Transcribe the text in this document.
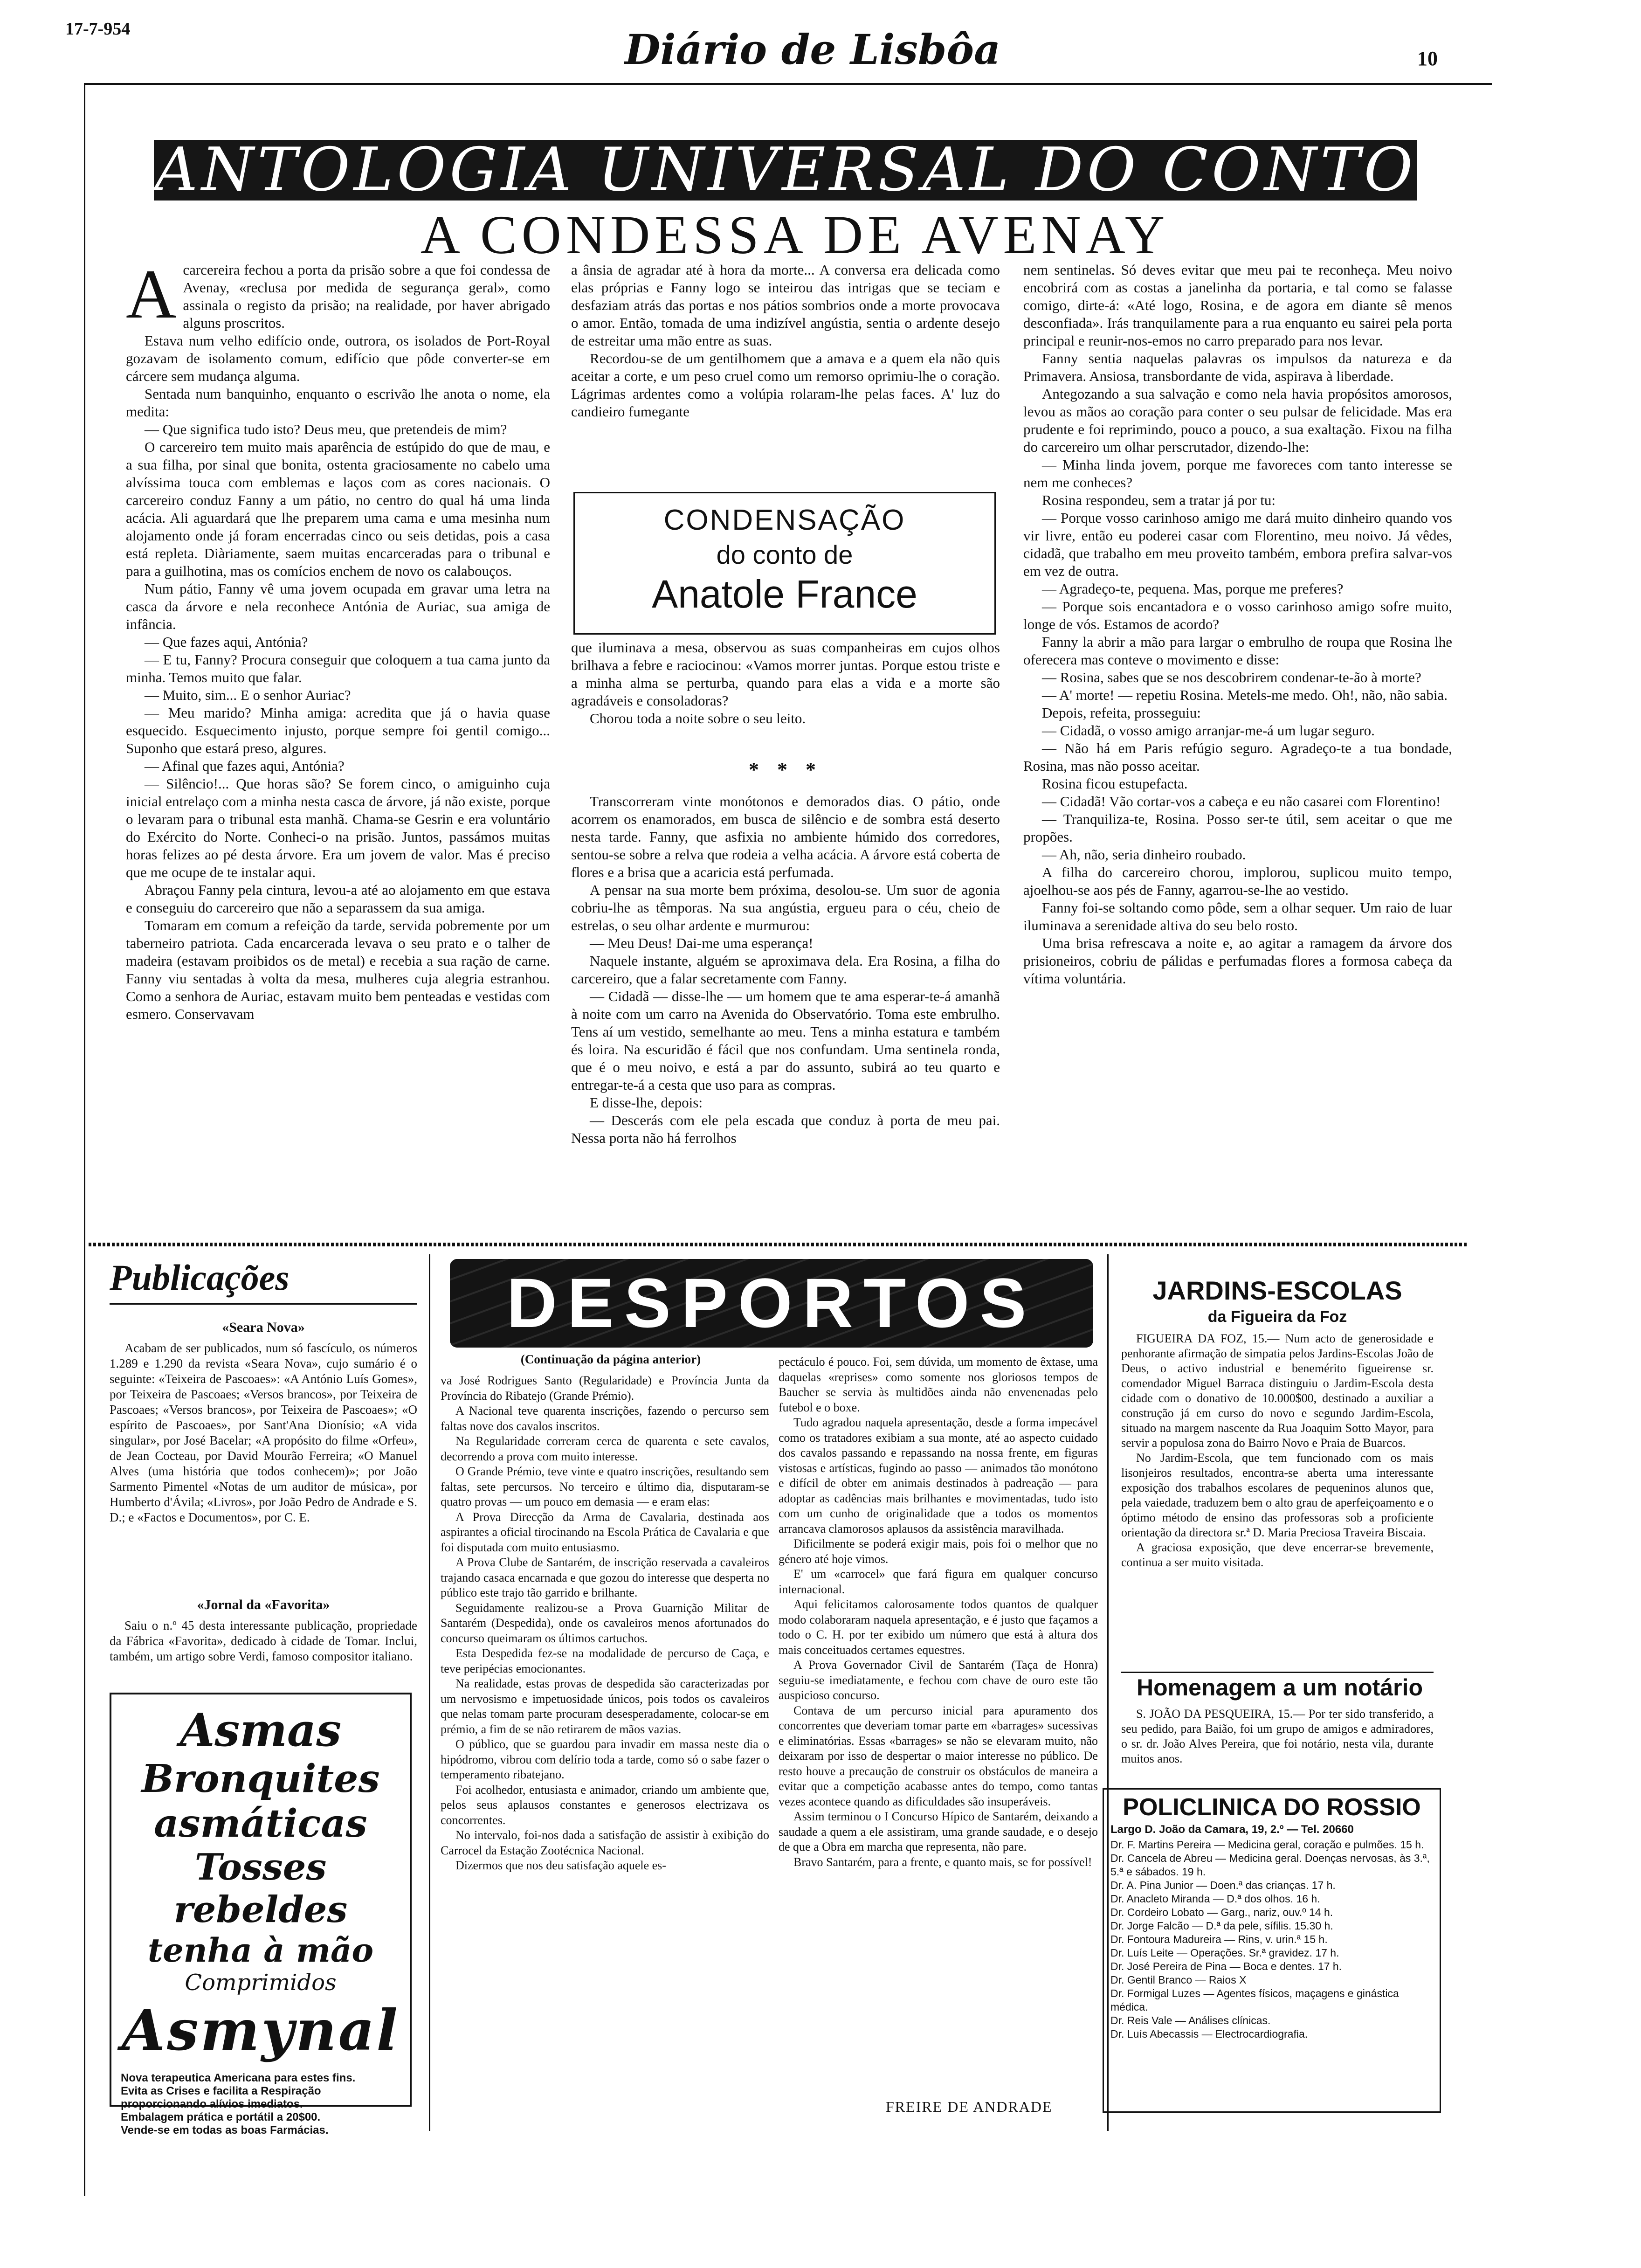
17-7-954	Diário de Lisbôa	10
ANTOLOGIA UNIVERSAL DO CONTO
A CONDESSA DE AVENAY
A carcereira fechou a porta da prisão sobre a que foi condessa de Avenay, «reclusa por medida de segurança geral», como assinala o registo da prisão; na realidade, por haver abrigado alguns proscritos.

Estava num velho edifício onde, outrora, os isolados de Port-Royal gozavam de isolamento comum, edifício que pôde converter-se em cárcere sem mudança alguma.

Sentada num banquinho, enquanto o escrivão lhe anota o nome, ela medita:

— Que significa tudo isto? Deus meu, que pretendeis de mim?

O carcereiro tem muito mais aparência de estúpido do que de mau, e a sua filha, por sinal que bonita, ostenta graciosamente no cabelo uma alvíssima touca com emblemas e laços com as cores nacionais. O carcereiro conduz Fanny a um pátio, no centro do qual há uma linda acácia. Ali aguardará que lhe preparem uma cama e uma mesinha num alojamento onde já foram encerradas cinco ou seis detidas, pois a casa está repleta. Diàriamente, saem muitas encarceradas para o tribunal e para a guilhotina, mas os comícios enchem de novo os calabouços.

Num pátio, Fanny vê uma jovem ocupada em gravar uma letra na casca da árvore e nela reconhece Antónia de Auriac, sua amiga de infância.

— Que fazes aqui, Antónia?

— E tu, Fanny? Procura conseguir que coloquem a tua cama junto da minha. Temos muito que falar.

— Muito, sim... E o senhor Auriac?

— Meu marido? Minha amiga: acredita que já o havia quase esquecido. Esquecimento injusto, porque sempre foi gentil comigo... Suponho que estará preso, algures.

— Afinal que fazes aqui, Antónia?

— Silêncio!... Que horas são? Se forem cinco, o amiguinho cuja inicial entrelaço com a minha nesta casca de árvore, já não existe, porque o levaram para o tribunal esta manhã. Chama-se Gesrin e era voluntário do Exército do Norte. Conheci-o na prisão. Juntos, passámos muitas horas felizes ao pé desta árvore. Era um jovem de valor. Mas é preciso que me ocupe de te instalar aqui.

Abraçou Fanny pela cintura, levou-a até ao alojamento em que estava e conseguiu do carcereiro que não a separassem da sua amiga.

Tomaram em comum a refeição da tarde, servida pobremente por um taberneiro patriota. Cada encarcerada levava o seu prato e o talher de madeira (estavam proibidos os de metal) e recebia a sua ração de carne. Fanny viu sentadas à volta da mesa, mulheres cuja alegria estranhou. Como a senhora de Auriac, estavam muito bem penteadas e vestidas com esmero. Conservavam

a ânsia de agradar até à hora da morte... A conversa era delicada como elas próprias e Fanny logo se inteirou das intrigas que se teciam e desfaziam atrás das portas e nos pátios sombrios onde a morte provocava o amor. Então, tomada de uma indizível angústia, sentia o ardente desejo de estreitar uma mão entre as suas.

Recordou-se de um gentilhomem que a amava e a quem ela não quis aceitar a corte, e um peso cruel como um remorso oprimiu-lhe o coração. Lágrimas ardentes como a volúpia rolaram-lhe pelas faces. A' luz do candieiro fumegante

CONDENSAÇÃO
do conto de
Anatole France

que iluminava a mesa, observou as suas companheiras em cujos olhos brilhava a febre e raciocinou: «Vamos morrer juntas. Porque estou triste e a minha alma se perturba, quando para elas a vida e a morte são agradáveis e consoladoras?

Chorou toda a noite sobre o seu leito.

* * *

Transcorreram vinte monótonos e demorados dias. O pátio, onde acorrem os enamorados, em busca de silêncio e de sombra está deserto nesta tarde. Fanny, que asfixia no ambiente húmido dos corredores, sentou-se sobre a relva que rodeia a velha acácia. A árvore está coberta de flores e a brisa que a acaricia está perfumada.

A pensar na sua morte bem próxima, desolou-se. Um suor de agonia cobriu-lhe as têmporas. Na sua angústia, ergueu para o céu, cheio de estrelas, o seu olhar ardente e murmurou:

— Meu Deus! Dai-me uma esperança!

Naquele instante, alguém se aproximava dela. Era Rosina, a filha do carcereiro, que a falar secretamente com Fanny.

— Cidadã — disse-lhe — um homem que te ama esperar-te-á amanhã à noite com um carro na Avenida do Observatório. Toma este embrulho. Tens aí um vestido, semelhante ao meu. Tens a minha estatura e também és loira. Na escuridão é fácil que nos confundam. Uma sentinela ronda, que é o meu noivo, e está a par do assunto, subirá ao teu quarto e entregar-te-á a cesta que uso para as compras.

E disse-lhe, depois:

— Descerás com ele pela escada que conduz à porta de meu pai. Nessa porta não há ferrolhos

nem sentinelas. Só deves evitar que meu pai te reconheça. Meu noivo encobrirá com as costas a janelinha da portaria, e tal como se falasse comigo, dirte-á: «Até logo, Rosina, e de agora em diante sê menos desconfiada». Irás tranquilamente para a rua enquanto eu sairei pela porta principal e reunir-nos-emos no carro preparado para nos levar.

Fanny sentia naquelas palavras os impulsos da natureza e da Primavera. Ansiosa, transbordante de vida, aspirava à liberdade.

Antegozando a sua salvação e como nela havia propósitos amorosos, levou as mãos ao coração para conter o seu pulsar de felicidade. Mas era prudente e foi reprimindo, pouco a pouco, a sua exaltação. Fixou na filha do carcereiro um olhar perscrutador, dizendo-lhe:

— Minha linda jovem, porque me favoreces com tanto interesse se nem me conheces?

Rosina respondeu, sem a tratar já por tu:

— Porque vosso carinhoso amigo me dará muito dinheiro quando vos vir livre, então eu poderei casar com Florentino, meu noivo. Já vêdes, cidadã, que trabalho em meu proveito também, embora prefira salvar-vos em vez de outra.

— Agradeço-te, pequena. Mas, porque me preferes?

— Porque sois encantadora e o vosso carinhoso amigo sofre muito, longe de vós. Estamos de acordo?

Fanny la abrir a mão para largar o embrulho de roupa que Rosina lhe oferecera mas conteve o movimento e disse:

— Rosina, sabes que se nos descobrirem condenar-te-ão à morte?

— A' morte! — repetiu Rosina. Metels-me medo. Oh!, não, não sabia.

Depois, refeita, prosseguiu:

— Cidadã, o vosso amigo arranjar-me-á um lugar seguro.

— Não há em Paris refúgio seguro. Agradeço-te a tua bondade, Rosina, mas não posso aceitar.

Rosina ficou estupefacta.

— Cidadã! Vão cortar-vos a cabeça e eu não casarei com Florentino!

— Tranquiliza-te, Rosina. Posso ser-te útil, sem aceitar o que me propões.

— Ah, não, seria dinheiro roubado.

A filha do carcereiro chorou, implorou, suplicou muito tempo, ajoelhou-se aos pés de Fanny, agarrou-se-lhe ao vestido.

Fanny foi-se soltando como pôde, sem a olhar sequer. Um raio de luar iluminava a serenidade altiva do seu belo rosto.

Uma brisa refrescava a noite e, ao agitar a ramagem da árvore dos prisioneiros, cobriu de pálidas e perfumadas flores a formosa cabeça da vítima voluntária.

Publicações
«Seara Nova»

Acabam de ser publicados, num só fascículo, os números 1.289 e 1.290 da revista «Seara Nova», cujo sumário é o seguinte: «Teixeira de Pascoaes»: «A António Luís Gomes», por Teixeira de Pascoaes; «Versos brancos», por Teixeira de Pascoaes; «Versos brancos», por Teixeira de Pascoaes»; «O espírito de Pascoaes», por Sant'Ana Dionísio; «A vida singular», por José Bacelar; «A propósito do filme «Orfeu», de Jean Cocteau, por David Mourão Ferreira; «O Manuel Alves (uma história que todos conhecem)»; por João Sarmento Pimentel «Notas de um auditor de música», por Humberto d'Ávila; «Livros», por João Pedro de Andrade e S. D.; e «Factos e Documentos», por C. E.

«Jornal da «Favorita»

Saiu o n.º 45 desta interessante publicação, propriedade da Fábrica «Favorita», dedicado à cidade de Tomar. Inclui, também, um artigo sobre Verdi, famoso compositor italiano.

Asmas
Bronquites
asmáticas
Tosses rebeldes
tenha à mão
Comprimidos
Asmynal
Nova terapeutica Americana para estes fins.
Evita as Crises e facilita a Respiração proporcionando alívios imediatos.
Embalagem prática e portátil a 20$00.
Vende-se em todas as boas Farmácias.
DESPORTOS
(Continuação da página anterior)

va José Rodrigues Santo (Regularidade) e Província Junta da Província do Ribatejo (Grande Prémio).

A Nacional teve quarenta inscrições, fazendo o percurso sem faltas nove dos cavalos inscritos.

Na Regularidade correram cerca de quarenta e sete cavalos, decorrendo a prova com muito interesse.

O Grande Prémio, teve vinte e quatro inscrições, resultando sem faltas, sete percursos. No terceiro e último dia, disputaram-se quatro provas — um pouco em demasia — e eram elas:

A Prova Direcção da Arma de Cavalaria, destinada aos aspirantes a oficial tirocinando na Escola Prática de Cavalaria e que foi disputada com muito entusiasmo.

A Prova Clube de Santarém, de inscrição reservada a cavaleiros trajando casaca encarnada e que gozou do interesse que desperta no público este trajo tão garrido e brilhante.

Seguidamente realizou-se a Prova Guarnição Militar de Santarém (Despedida), onde os cavaleiros menos afortunados do concurso queimaram os últimos cartuchos.

Esta Despedida fez-se na modalidade de percurso de Caça, e teve peripécias emocionantes.

Na realidade, estas provas de despedida são caracterizadas por um nervosismo e impetuosidade únicos, pois todos os cavaleiros que nelas tomam parte procuram desesperadamente, colocar-se em prémio, a fim de se não retirarem de mãos vazias.

O público, que se guardou para invadir em massa neste dia o hipódromo, vibrou com delírio toda a tarde, como só o sabe fazer o temperamento ribatejano.

Foi acolhedor, entusiasta e animador, criando um ambiente que, pelos seus aplausos constantes e generosos electrizava os concorrentes.

No intervalo, foi-nos dada a satisfação de assistir à exibição do Carrocel da Estação Zootécnica Nacional.

Dizermos que nos deu satisfação aquele es-

pectáculo é pouco. Foi, sem dúvida, um momento de êxtase, uma daquelas «reprises» como somente nos gloriosos tempos de Baucher se servia às multidões ainda não envenenadas pelo futebol e o boxe.

Tudo agradou naquela apresentação, desde a forma impecável como os tratadores exibiam a sua monte, até ao aspecto cuidado dos cavalos passando e repassando na nossa frente, em figuras vistosas e artísticas, fugindo ao passo — animados tão monótono e difícil de obter em animais destinados à padreação — para adoptar as cadências mais brilhantes e movimentadas, tudo isto com um cunho de originalidade que a todos os momentos arrancava clamorosos aplausos da assistência maravilhada.

Dificilmente se poderá exigir mais, pois foi o melhor que no género até hoje vimos.

E' um «carrocel» que fará figura em qualquer concurso internacional.

Aqui felicitamos calorosamente todos quantos de qualquer modo colaboraram naquela apresentação, e é justo que façamos a todo o C. H. por ter exibido um número que está à altura dos mais conceituados certames equestres.

A Prova Governador Civil de Santarém (Taça de Honra) seguiu-se imediatamente, e fechou com chave de ouro este tão auspicioso concurso.

Contava de um percurso inicial para apuramento dos concorrentes que deveriam tomar parte em «barrages» sucessivas e eliminatórias. Essas «barrages» se não se elevaram muito, não deixaram por isso de despertar o maior interesse no público. De resto houve a precaução de construir os obstáculos de maneira a evitar que a competição acabasse antes do tempo, como tantas vezes acontece quando as dificuldades são insuperáveis.

Assim terminou o I Concurso Hípico de Santarém, deixando a saudade a quem a ele assistiram, uma grande saudade, e o desejo de que a Obra em marcha que representa, não pare.

Bravo Santarém, para a frente, e quanto mais, se for possível!

FREIRE DE ANDRADE
JARDINS-ESCOLAS
da Figueira da Foz

FIGUEIRA DA FOZ, 15.— Num acto de generosidade e penhorante afirmação de simpatia pelos Jardins-Escolas João de Deus, o activo industrial e benemérito figueirense sr. comendador Miguel Barraca distinguiu o Jardim-Escola desta cidade com o donativo de 10.000$00, destinado a auxiliar a construção já em curso do novo e segundo Jardim-Escola, situado na margem nascente da Rua Joaquim Sotto Mayor, para servir a populosa zona do Bairro Novo e Praia de Buarcos.

No Jardim-Escola, que tem funcionado com os mais lisonjeiros resultados, encontra-se aberta uma interessante exposição dos trabalhos escolares de pequeninos alunos que, pela vaiedade, traduzem bem o alto grau de aperfeiçoamento e o óptimo método de ensino das professoras sob a proficiente orientação da directora sr.ª D. Maria Preciosa Traveira Biscaia.

A graciosa exposição, que deve encerrar-se brevemente, continua a ser muito visitada.

Homenagem a um notário

S. JOÃO DA PESQUEIRA, 15.— Por ter sido transferido, a seu pedido, para Baião, foi um grupo de amigos e admiradores, o sr. dr. João Alves Pereira, que foi notário, nesta vila, durante muitos anos.

POLICLINICA DO ROSSIO
Largo D. João da Camara, 19, 2.º — Tel. 20660

Dr. F. Martins Pereira — Medicina geral, coração e pulmões. 15 h.

Dr. Cancela de Abreu — Medicina geral. Doenças nervosas, às 3.ª, 5.ª e sábados. 19 h.

Dr. A. Pina Junior — Doen.ª das crianças. 17 h.

Dr. Anacleto Miranda — D.ª dos olhos. 16 h.

Dr. Cordeiro Lobato — Garg., nariz, ouv.º 14 h.

Dr. Jorge Falcão — D.ª da pele, sífilis. 15.30 h.

Dr. Fontoura Madureira — Rins, v. urin.ª 15 h.

Dr. Luís Leite — Operações. Sr.ª gravidez. 17 h.

Dr. José Pereira de Pina — Boca e dentes. 17 h.

Dr. Gentil Branco — Raios X

Dr. Formigal Luzes — Agentes físicos, maçagens e ginástica médica.

Dr. Reis Vale — Análises clínicas.

Dr. Luís Abecassis — Electrocardiografia.
